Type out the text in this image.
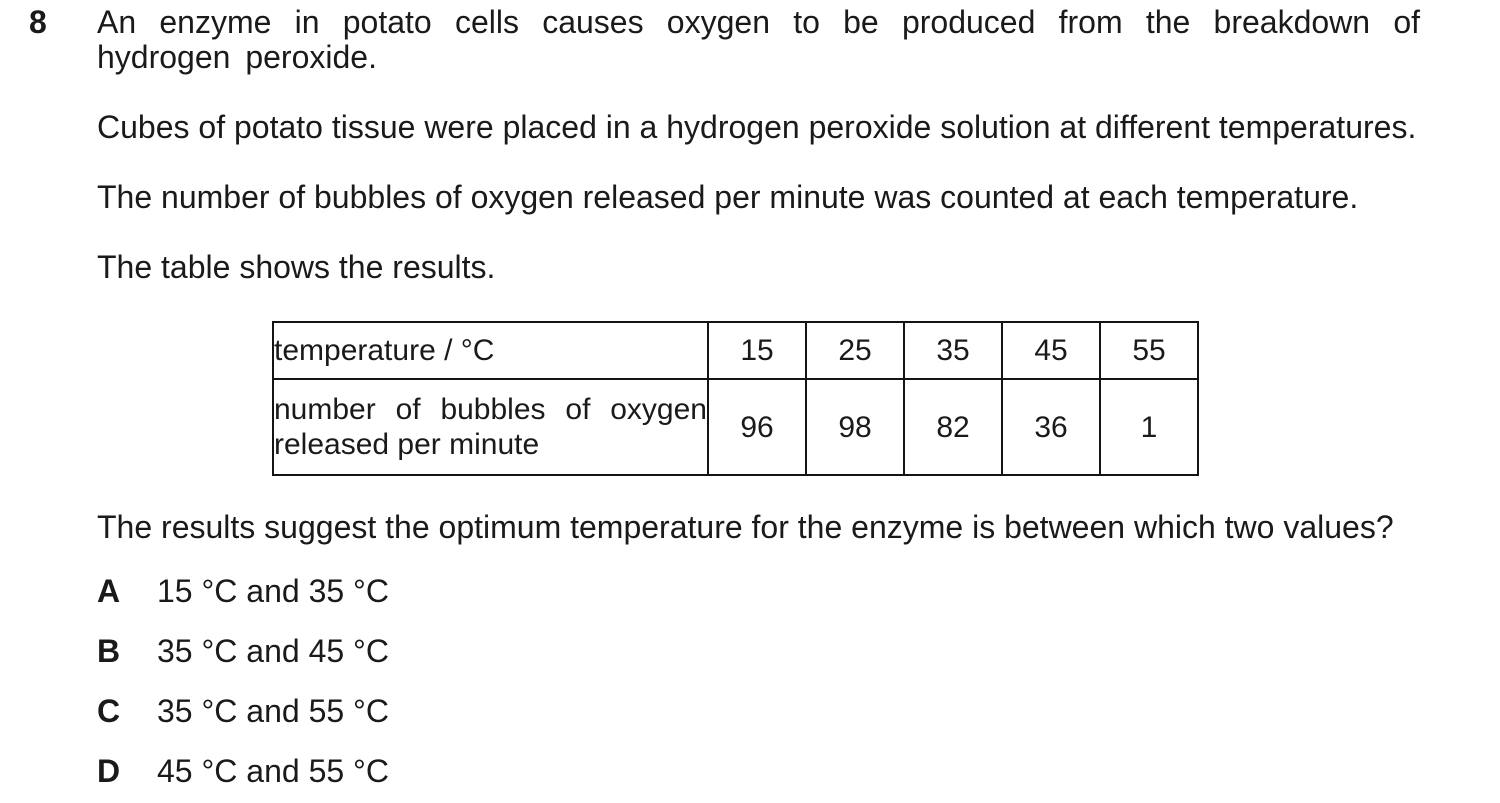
8	An enzyme in potato cells causes oxygen to be produced from the breakdown of hydrogen peroxide.
Cubes of potato tissue were placed in a hydrogen peroxide solution at different temperatures.
The number of bubbles of oxygen released per minute was counted at each temperature.
The table shows the results.
temperature / °C	15	25	35	45	55
number of bubbles of oxygen released per minute	96	98	82	36	1
The results suggest the optimum temperature for the enzyme is between which two values?
A	15 °C and 35 °C
B	35 °C and 45 °C
C	35 °C and 55 °C
D	45 °C and 55 °C
